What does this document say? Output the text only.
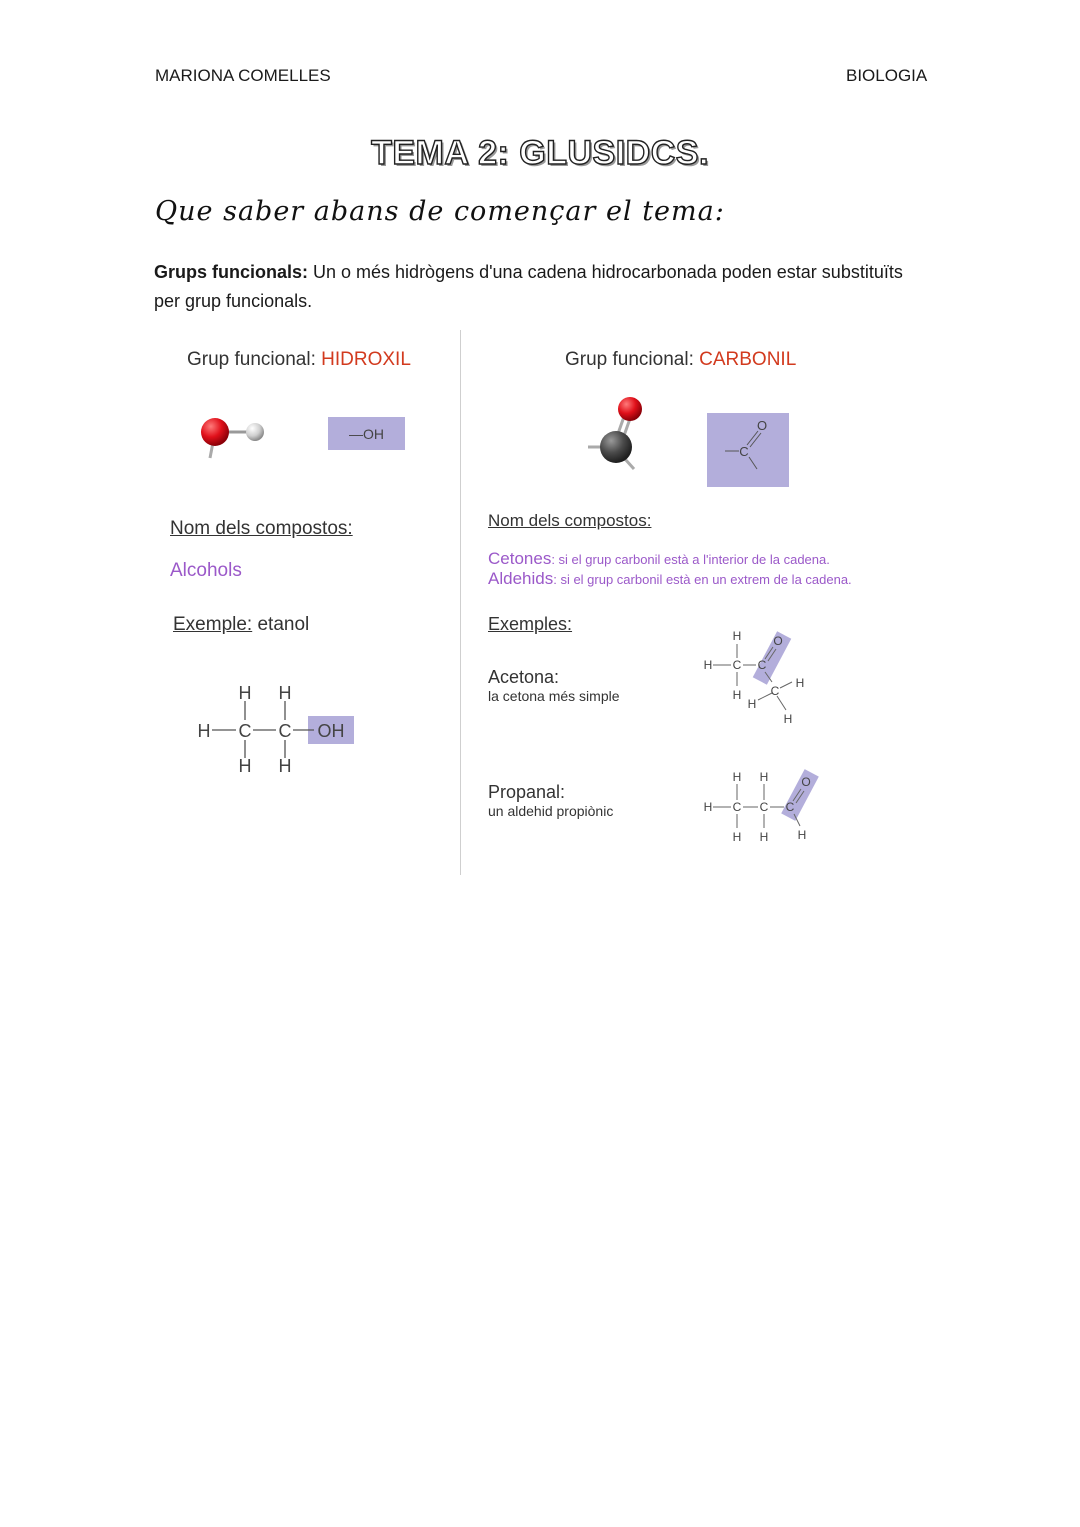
MARIONA COMELLES	BIOLOGIA
TEMA 2: GLUSIDCS.
Que saber abans de començar el tema:
Grups funcionals: Un o més hidrògens d'una cadena hidrocarbonada poden estar substituïts per grup funcionals.
Grup funcional: HIDROXIL
—OH
Nom dels compostos:
Alcohols
Exemple: etanol
H C C
H H
H H
OH
Grup funcional: CARBONIL
O
C
Nom dels compostos:
Cetones: si el grup carbonil està a l'interior de la cadena.
Aldehids: si el grup carbonil està en un extrem de la cadena.
Exemples:
Acetona:
la cetona més simple
H C C
H
H
O
C
H
H
H
Propanal:
un aldehid propiònic	H C C C
H H
H H
O
H
